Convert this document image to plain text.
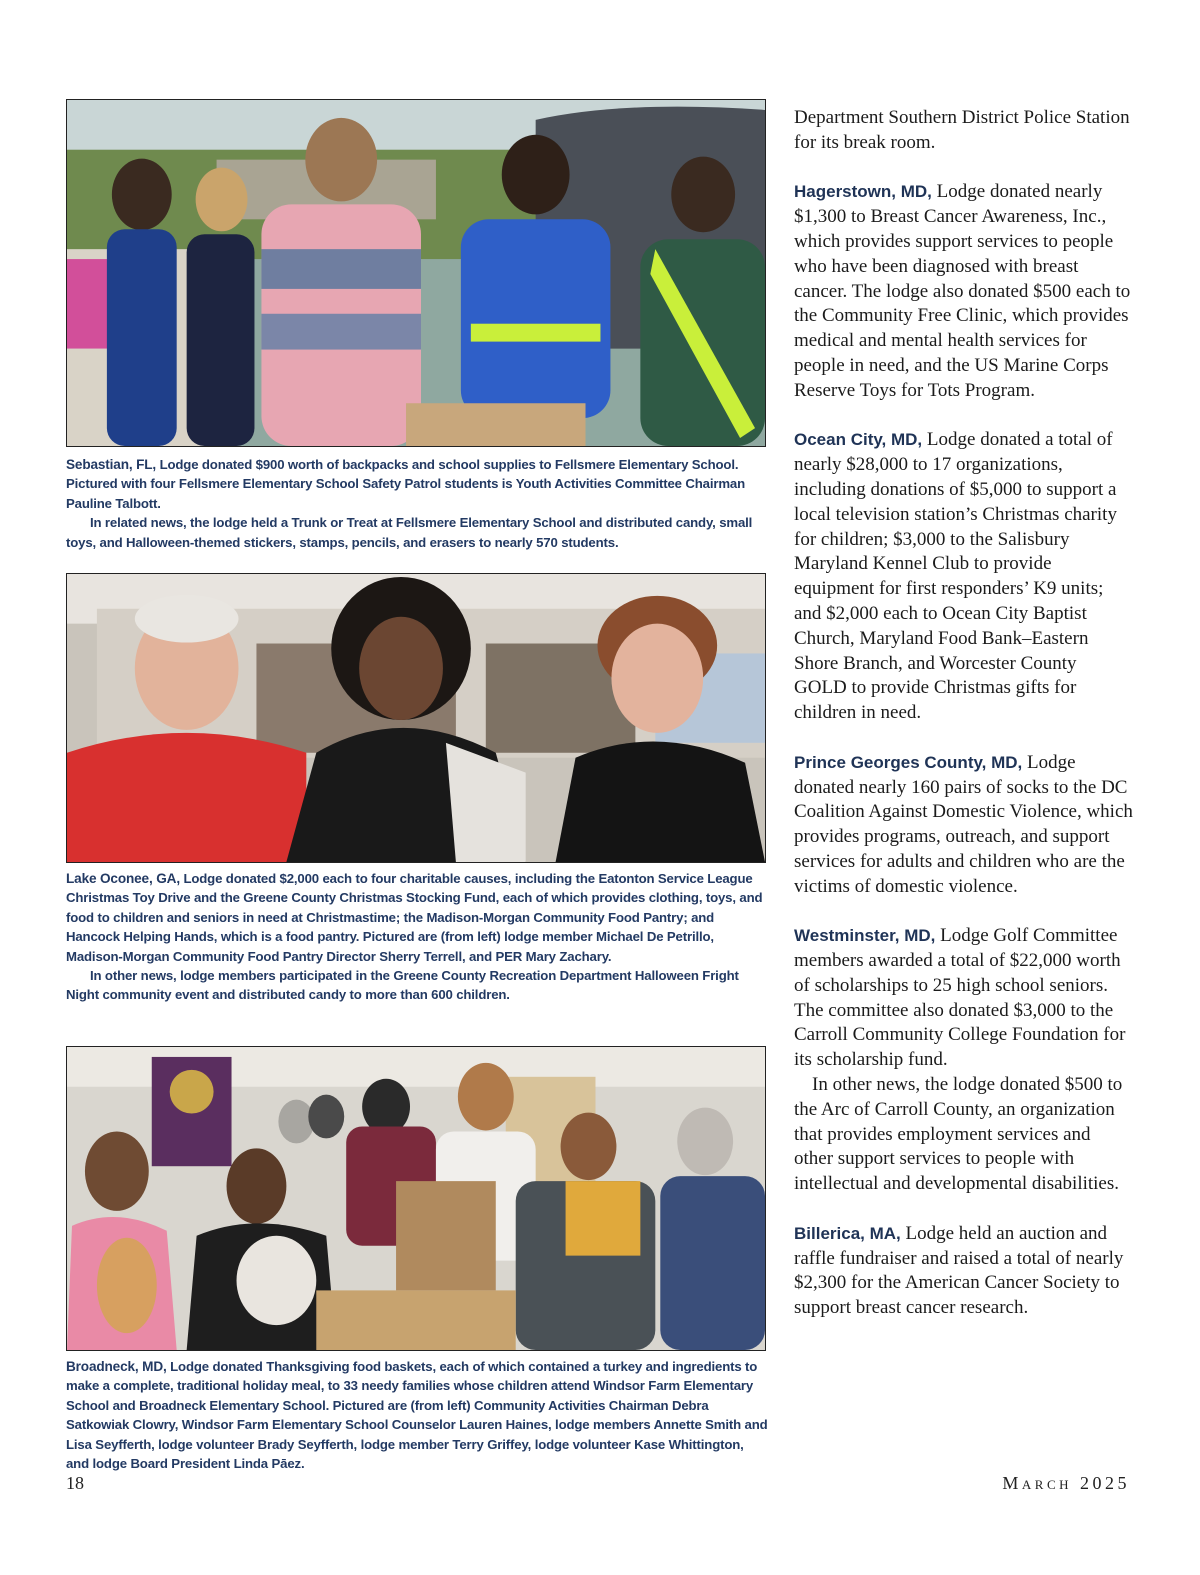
Sebastian, FL, Lodge donated $900 worth of backpacks and school supplies to Fellsmere Elementary School. Pictured with four Fellsmere Elementary School Safety Patrol students is Youth Activities Committee Chairman Pauline Talbott.

In related news, the lodge held a Trunk or Treat at Fellsmere Elementary School and distributed candy, small toys, and Halloween-themed stickers, stamps, pencils, and erasers to nearly 570 students.

Lake Oconee, GA, Lodge donated $2,000 each to four charitable causes, including the Eatonton Service League Christmas Toy Drive and the Greene County Christmas Stocking Fund, each of which provides clothing, toys, and food to children and seniors in need at Christmastime; the Madison-Morgan Community Food Pantry; and Hancock Helping Hands, which is a food pantry. Pictured are (from left) lodge member Michael De Petrillo, Madison-Morgan Community Food Pantry Director Sherry Terrell, and PER Mary Zachary.

In other news, lodge members participated in the Greene County Recreation Department Halloween Fright Night community event and distributed candy to more than 600 children.

Broadneck, MD, Lodge donated Thanksgiving food baskets, each of which contained a turkey and ingredients to make a complete, traditional holiday meal, to 33 needy families whose children attend Windsor Farm Elementary School and Broadneck Elementary School. Pictured are (from left) Community Activities Chairman Debra Satkowiak Clowry, Windsor Farm Elementary School Counselor Lauren Haines, lodge members Annette Smith and Lisa Seyfferth, lodge volunteer Brady Seyfferth, lodge member Terry Griffey, lodge volunteer Kase Whittington, and lodge Board President Linda Pāez.

Department Southern District Police Station for its break room.

Hagerstown, MD, Lodge donated nearly $1,300 to Breast Cancer Awareness, Inc., which provides support services to people who have been diagnosed with breast cancer. The lodge also donated $500 each to the Community Free Clinic, which provides medical and mental health services for people in need, and the US Marine Corps Reserve Toys for Tots Program.

Ocean City, MD, Lodge donated a total of nearly $28,000 to 17 organizations, including donations of $5,000 to support a local television station’s Christmas charity for children; $3,000 to the Salisbury Maryland Kennel Club to provide equipment for first responders’ K9 units; and $2,000 each to Ocean City Baptist Church, Maryland Food Bank–Eastern Shore Branch, and Worcester County GOLD to provide Christmas gifts for children in need.

Prince Georges County, MD, Lodge donated nearly 160 pairs of socks to the DC Coalition Against Domestic Violence, which provides programs, outreach, and support services for adults and children who are the victims of domestic violence.

Westminster, MD, Lodge Golf Committee members awarded a total of $22,000 worth of scholarships to 25 high school seniors. The committee also donated $3,000 to the Carroll Community College Foundation for its scholarship fund.

In other news, the lodge donated $500 to the Arc of Carroll County, an organization that provides employment services and other support services to people with intellectual and developmental disabilities.

Billerica, MA, Lodge held an auction and raffle fundraiser and raised a total of nearly $2,300 for the American Cancer Society to support breast cancer research.

18	March 2025
